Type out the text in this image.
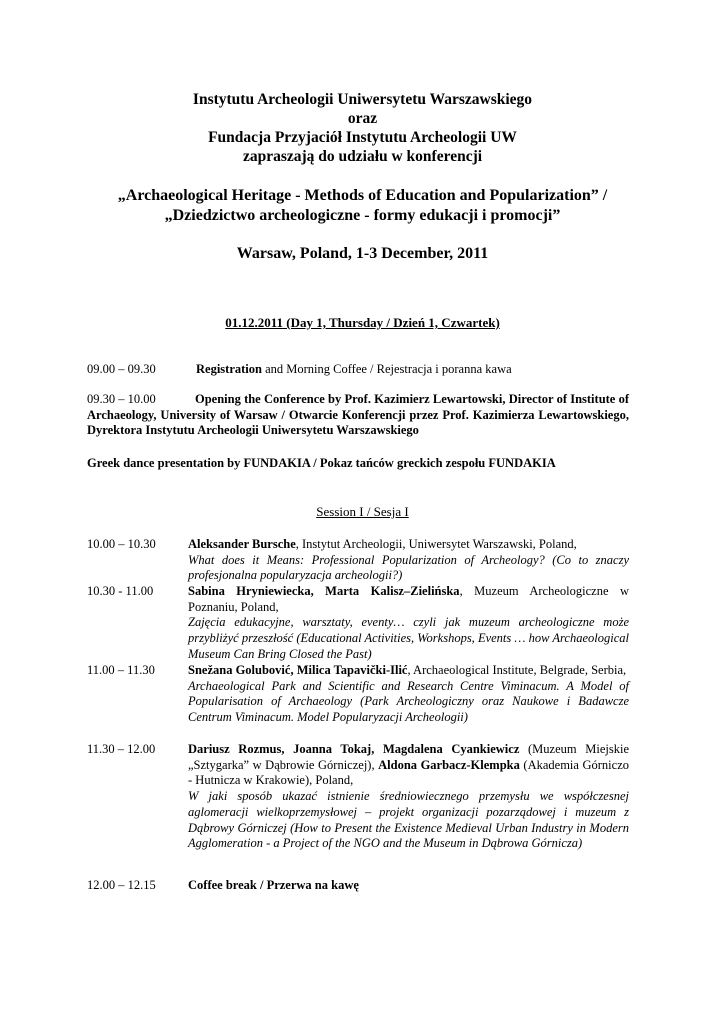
Instytutu Archeologii Uniwersytetu Warszawskiego
oraz
Fundacja Przyjaciół Instytutu Archeologii UW
zapraszają do udziału w konferencji
„Archaeological Heritage - Methods of Education and Popularization” /
„Dziedzictwo archeologiczne - formy edukacji i promocji”
Warsaw, Poland, 1-3 December, 2011
01.12.2011 (Day 1, Thursday / Dzień 1, Czwartek)
09.00 – 09.30	Registration and Morning Coffee / Rejestracja i poranna kawa
09.30 – 10.00	Opening the Conference by Prof. Kazimierz Lewartowski, Director of Institute of Archaeology, University of Warsaw / Otwarcie Konferencji przez Prof. Kazimierza Lewartowskiego, Dyrektora Instytutu Archeologii Uniwersytetu Warszawskiego
Greek dance presentation by FUNDAKIA / Pokaz tańców greckich zespołu FUNDAKIA
Session I / Sesja I
10.00 – 10.30	Aleksander Bursche, Instytut Archeologii, Uniwersytet Warszawski, Poland,
What does it Means: Professional Popularization of Archeology? (Co to znaczy profesjonalna popularyzacja archeologii?)
10.30 - 11.00	Sabina Hryniewiecka, Marta Kalisz–Zielińska, Muzeum Archeologiczne w Poznaniu, Poland,
Zajęcia edukacyjne, warsztaty, eventy… czyli jak muzeum archeologiczne może przybliżyć przeszłość (Educational Activities, Workshops, Events … how Archaeological Museum Can Bring Closed the Past)
11.00 – 11.30	Snežana Golubović, Milica Tapavički-Ilić, Archaeological Institute, Belgrade, Serbia,
Archaeological Park and Scientific and Research Centre Viminacum. A Model of Popularisation of Archaeology (Park Archeologiczny oraz Naukowe i Badawcze Centrum Viminacum. Model Popularyzacji Archeologii)
11.30 – 12.00	Dariusz Rozmus, Joanna Tokaj, Magdalena Cyankiewicz (Muzeum Miejskie „Sztygarka” w Dąbrowie Górniczej), Aldona Garbacz-Klempka (Akademia Górniczo - Hutnicza w Krakowie), Poland,
W jaki sposób ukazać istnienie średniowiecznego przemysłu we współczesnej aglomeracji wielkoprzemysłowej – projekt organizacji pozarządowej i muzeum z Dąbrowy Górniczej (How to Present the Existence Medieval Urban Industry in Modern Agglomeration - a Project of the NGO and the Museum in Dąbrowa Górnicza)
12.00 – 12.15	Coffee break / Przerwa na kawę
